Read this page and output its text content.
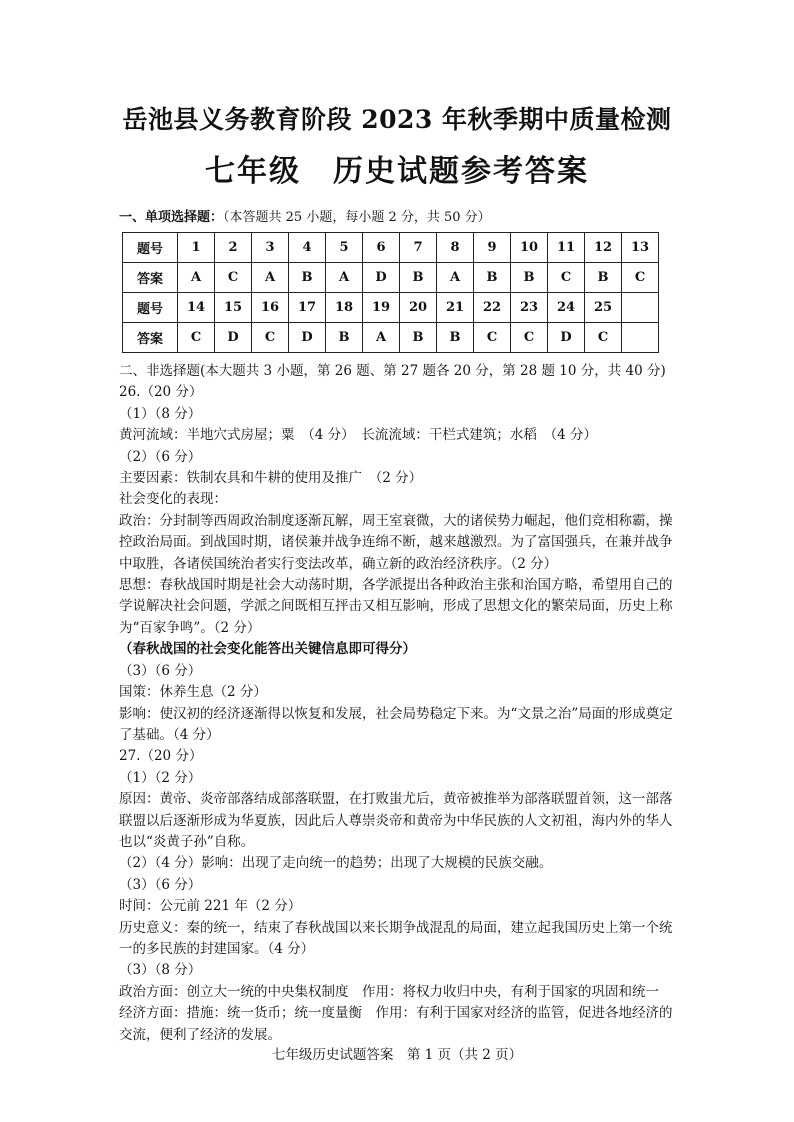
岳池县义务教育阶段 2023 年秋季期中质量检测
七年级　历史试题参考答案
一、单项选择题：（本答题共 25 小题，每小题 2 分，共 50 分）
题号	1	2	3	4	5	6	7	8	9	10	11	12	13
答案	A	C	A	B	A	D	B	A	B	B	C	B	C
题号	14	15	16	17	18	19	20	21	22	23	24	25	
答案	C	D	C	D	B	A	B	B	C	C	D	C	

二、非选择题(本大题共 3 小题，第 26 题、第 27 题各 20 分，第 28 题 10 分，共 40 分)

26.（20 分）

（1）（8 分）

黄河流域：半地穴式房屋；粟　（4 分）　长流流域：干栏式建筑；水稻　（4 分）

（2）（6 分）

主要因素：铁制农具和牛耕的使用及推广　（2 分）

社会变化的表现：

政治：分封制等西周政治制度逐渐瓦解，周王室衰微，大的诸侯势力崛起，他们竞相称霸，操控政治局面。到战国时期，诸侯兼并战争连绵不断，越来越激烈。为了富国强兵，在兼并战争中取胜，各诸侯国统治者实行变法改革，确立新的政治经济秩序。（2 分）

思想：春秋战国时期是社会大动荡时期，各学派提出各种政治主张和治国方略，希望用自己的学说解决社会问题，学派之间既相互抨击又相互影响，形成了思想文化的繁荣局面，历史上称为“百家争鸣”。（2 分）

（春秋战国的社会变化能答出关键信息即可得分）

（3）（6 分）

国策：休养生息（2 分）

影响：使汉初的经济逐渐得以恢复和发展，社会局势稳定下来。为“文景之治”局面的形成奠定了基础。（4 分）

27.（20 分）

（1）（2 分）

原因：黄帝、炎帝部落结成部落联盟，在打败蚩尤后，黄帝被推举为部落联盟首领，这一部落联盟以后逐渐形成为华夏族，因此后人尊崇炎帝和黄帝为中华民族的人文初祖，海内外的华人也以“炎黄子孙”自称。

（2）（4 分）影响：出现了走向统一的趋势；出现了大规模的民族交融。

（3）（6 分）

时间：公元前 221 年（2 分）

历史意义：秦的统一，结束了春秋战国以来长期争战混乱的局面，建立起我国历史上第一个统一的多民族的封建国家。（4 分）

（3）（8 分）

政治方面：创立大一统的中央集权制度　作用：将权力收归中央，有利于国家的巩固和统一

经济方面：措施：统一货币；统一度量衡　作用：有利于国家对经济的监管，促进各地经济的交流，便利了经济的发展。

七年级历史试题答案　第 1 页（共 2 页）
